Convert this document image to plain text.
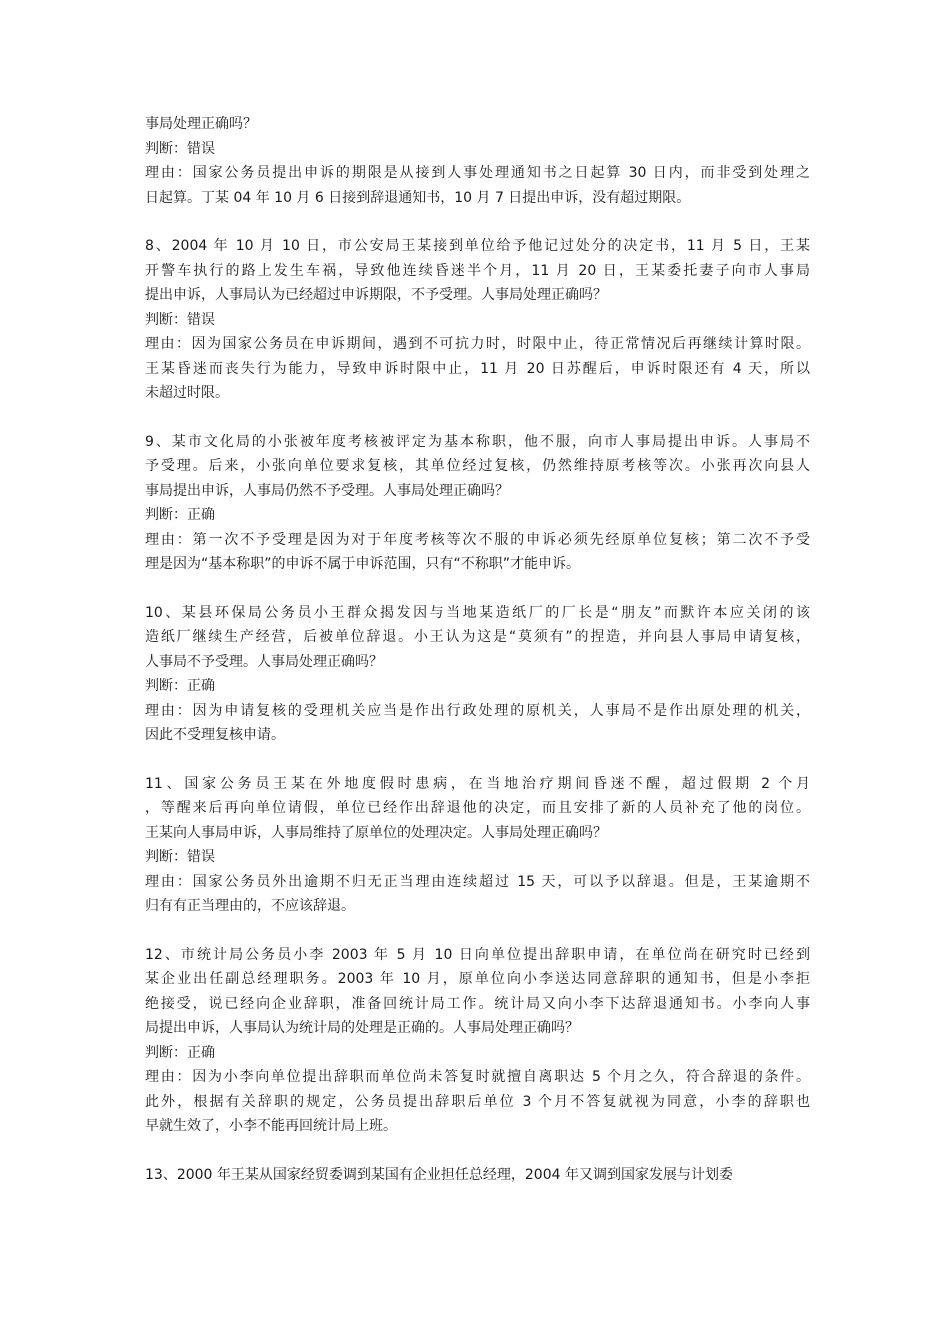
事局处理正确吗？
判断：错误
理由：国家公务员提出申诉的期限是从接到人事处理通知书之日起算 30 日内，而非受到处理之
日起算。丁某 04 年 10 月 6 日接到辞退通知书，10 月 7 日提出申诉，没有超过期限。
8、2004 年 10 月 10 日，市公安局王某接到单位给予他记过处分的决定书，11 月 5 日，王某
开警车执行的路上发生车祸，导致他连续昏迷半个月，11 月 20 日，王某委托妻子向市人事局
提出申诉，人事局认为已经超过申诉期限，不予受理。人事局处理正确吗？
判断：错误
理由：因为国家公务员在申诉期间，遇到不可抗力时，时限中止，待正常情况后再继续计算时限。
王某昏迷而丧失行为能力，导致申诉时限中止，11 月 20 日苏醒后，申诉时限还有 4 天，所以
未超过时限。
9、某市文化局的小张被年度考核被评定为基本称职，他不服，向市人事局提出申诉。人事局不
予受理。后来，小张向单位要求复核，其单位经过复核，仍然维持原考核等次。小张再次向县人
事局提出申诉，人事局仍然不予受理。人事局处理正确吗？
判断：正确
理由：第一次不予受理是因为对于年度考核等次不服的申诉必须先经原单位复核；第二次不予受
理是因为“基本称职”的申诉不属于申诉范围，只有“不称职”才能申诉。
10、某县环保局公务员小王群众揭发因与当地某造纸厂的厂长是“朋友”而默许本应关闭的该
造纸厂继续生产经营，后被单位辞退。小王认为这是“莫须有”的捏造，并向县人事局申请复核，
人事局不予受理。人事局处理正确吗？
判断：正确
理由：因为申请复核的受理机关应当是作出行政处理的原机关，人事局不是作出原处理的机关，
因此不受理复核申请。
11、国家公务员王某在外地度假时患病，在当地治疗期间昏迷不醒，超过假期 2 个月
，等醒来后再向单位请假，单位已经作出辞退他的决定，而且安排了新的人员补充了他的岗位。
王某向人事局申诉，人事局维持了原单位的处理决定。人事局处理正确吗？
判断：错误
理由：国家公务员外出逾期不归无正当理由连续超过 15 天，可以予以辞退。但是，王某逾期不
归有有正当理由的，不应该辞退。
12、市统计局公务员小李 2003 年 5 月 10 日向单位提出辞职申请，在单位尚在研究时已经到
某企业出任副总经理职务。2003 年 10 月，原单位向小李送达同意辞职的通知书，但是小李拒
绝接受，说已经向企业辞职，准备回统计局工作。统计局又向小李下达辞退通知书。小李向人事
局提出申诉，人事局认为统计局的处理是正确的。人事局处理正确吗？
判断：正确
理由：因为小李向单位提出辞职而单位尚未答复时就擅自离职达 5 个月之久，符合辞退的条件。
此外，根据有关辞职的规定，公务员提出辞职后单位 3 个月不答复就视为同意，小李的辞职也
早就生效了，小李不能再回统计局上班。
13、2000 年王某从国家经贸委调到某国有企业担任总经理，2004 年又调到国家发展与计划委
